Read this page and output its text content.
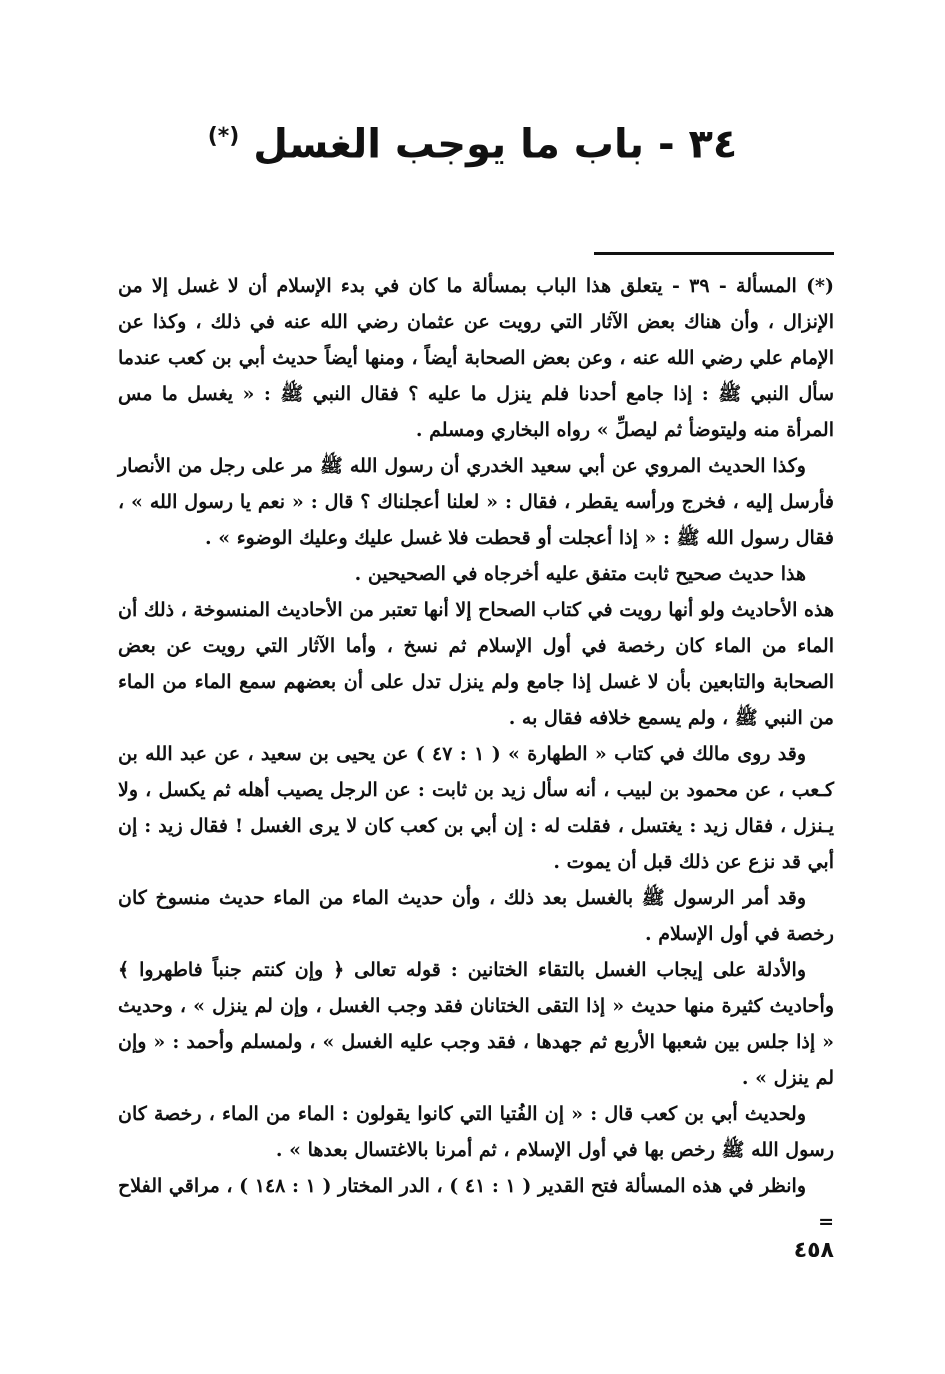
٣٤ - باب ما يوجب الغسل (*)

(*) المسألة - ٣٩ - يتعلق هذا الباب بمسألة ما كان في بدء الإسلام أن لا غسل إلا من الإنزال ، وأن هناك بعض الآثار التي رويت عن عثمان رضي الله عنه في ذلك ، وكذا عن الإمام علي رضي الله عنه ، وعن بعض الصحابة أيضاً ، ومنها أيضاً حديث أبي بن كعب عندما سأل النبي ﷺ : إذا جامع أحدنا فلم ينزل ما عليه ؟ فقال النبي ﷺ : « يغسل ما مس المرأة منه وليتوضأ ثم ليصلِّ » رواه البخاري ومسلم .

وكذا الحديث المروي عن أبي سعيد الخدري أن رسول الله ﷺ مر على رجل من الأنصار فأرسل إليه ، فخرج ورأسه يقطر ، فقال : « لعلنا أعجلناك ؟ قال : « نعم يا رسول الله » ، فقال رسول الله ﷺ : « إذا أعجلت أو قحطت فلا غسل عليك وعليك الوضوء » .

هذا حديث صحيح ثابت متفق عليه أخرجاه في الصحيحين .

هذه الأحاديث ولو أنها رويت في كتاب الصحاح إلا أنها تعتبر من الأحاديث المنسوخة ، ذلك أن الماء من الماء كان رخصة في أول الإسلام ثم نسخ ، وأما الآثار التي رويت عن بعض الصحابة والتابعين بأن لا غسل إذا جامع ولم ينزل تدل على أن بعضهم سمع الماء من الماء من النبي ﷺ ، ولم يسمع خلافه فقال به .

وقد روى مالك في كتاب « الطهارة » ( ١ : ٤٧ ) عن يحيى بن سعيد ، عن عبد الله بن كـعب ، عن محمود بن لبيب ، أنه سأل زيد بن ثابت : عن الرجل يصيب أهله ثم يكسل ، ولا يـنزل ، فقال زيد : يغتسل ، فقلت له : إن أبي بن كعب كان لا يرى الغسل ! فقال زيد : إن أبي قد نزع عن ذلك قبل أن يموت .

وقد أمر الرسول ﷺ بالغسل بعد ذلك ، وأن حديث الماء من الماء حديث منسوخ كان رخصة في أول الإسلام .

والأدلة على إيجاب الغسل بالتقاء الختانين : قوله تعالى ﴿ وإن كنتم جنباً فاطهروا ﴾ وأحاديث كثيرة منها حديث « إذا التقى الختانان فقد وجب الغسل ، وإن لم ينزل » ، وحديث « إذا جلس بين شعبها الأربع ثم جهدها ، فقد وجب عليه الغسل » ، ولمسلم وأحمد : « وإن لم ينزل » .

ولحديث أبي بن كعب قال : « إن الفُتيا التي كانوا يقولون : الماء من الماء ، رخصة كان رسول الله ﷺ رخص بها في أول الإسلام ، ثم أمرنا بالاغتسال بعدها » .

وانظر في هذه المسألة فتح القدير ( ١ : ٤١ ) ، الدر المختار ( ١ : ١٤٨ ) ، مراقي الفلاح =

٤٥٨
